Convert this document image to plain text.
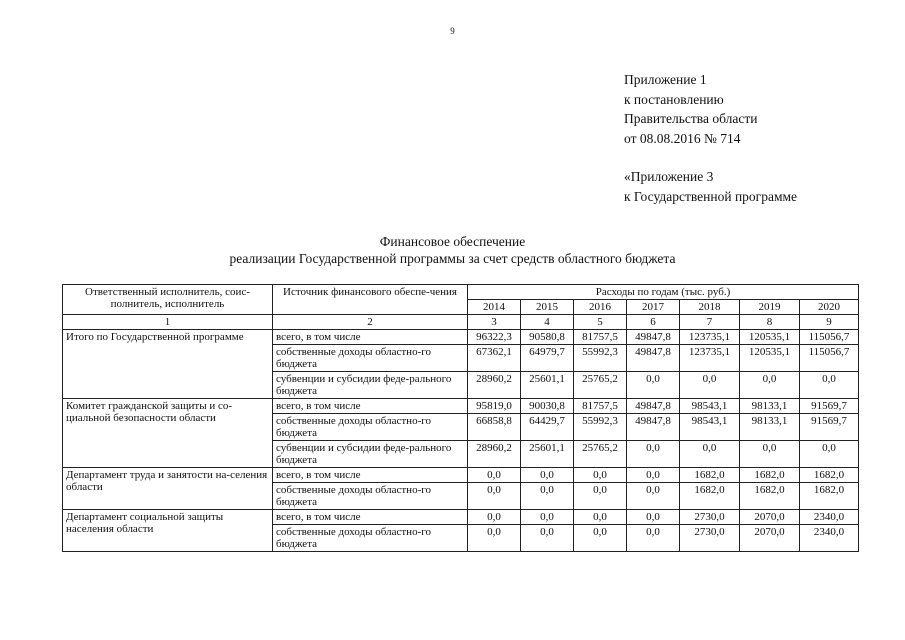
9
Приложение 1
к постановлению
Правительства области
от 08.08.2016 № 714
«Приложение 3
к Государственной программе
Финансовое обеспечение
реализации Государственной программы за счет средств областного бюджета
Ответственный исполнитель, соис-полнитель, исполнитель	Источник финансового обеспе-чения	Расходы по годам (тыс. руб.)						
		2014	2015	2016	2017	2018	2019	2020
1	2	3	4	5	6	7	8	9
Итого по Государственной программе	всего, в том числе	96322,3	90580,8	81757,5	49847,8	123735,1	120535,1	115056,7
	собственные доходы областно-го бюджета	67362,1	64979,7	55992,3	49847,8	123735,1	120535,1	115056,7
	субвенции и субсидии феде-рального бюджета	28960,2	25601,1	25765,2	0,0	0,0	0,0	0,0
Комитет гражданской защиты и со-циальной безопасности области	всего, в том числе	95819,0	90030,8	81757,5	49847,8	98543,1	98133,1	91569,7
	собственные доходы областно-го бюджета	66858,8	64429,7	55992,3	49847,8	98543,1	98133,1	91569,7
	субвенции и субсидии феде-рального бюджета	28960,2	25601,1	25765,2	0,0	0,0	0,0	0,0
Департамент труда и занятости на-селения области	всего, в том числе	0,0	0,0	0,0	0,0	1682,0	1682,0	1682,0
	собственные доходы областно-го бюджета	0,0	0,0	0,0	0,0	1682,0	1682,0	1682,0
Департамент социальной защиты населения области	всего, в том числе	0,0	0,0	0,0	0,0	2730,0	2070,0	2340,0
	собственные доходы областно-го бюджета	0,0	0,0	0,0	0,0	2730,0	2070,0	2340,0
